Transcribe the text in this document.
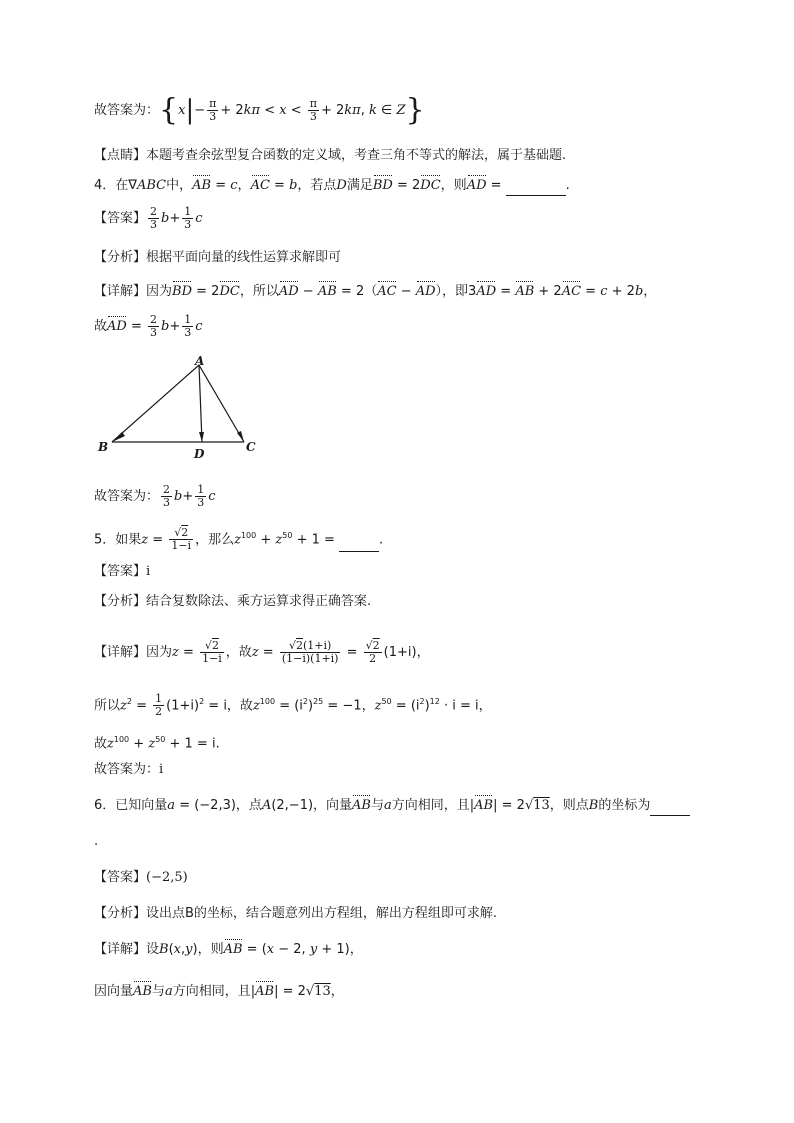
故答案为：{$x|- \frac{\pi}{3} + 2k\pi < x < \frac{\pi}{3} + 2k\pi$, k ∈ Z}
【点睛】本题考查余弦型复合函数的定义域，考查三角不等式的解法，属于基础题.
4．在∇ABC中，AB = c，AC = b，若点D满足BD = 2DC，则AD =	.
【答案】 $\frac{2}{3} b+ \frac{1}{3}$ c
【分析】根据平面向量的线性运算求解即可
【详解】因为BD = 2DC，所以AD − AB = 2（AC − AD），即3AD = AB + 2AC = c + 2b，
故AD = $\frac{2}{3} b+ \frac{1}{3}$ c
A
B	C
D
故答案为： $\frac{2}{3} b+ \frac{1}{3}$ c
5．如果$z = \frac{√2}{1-i}$ ，那么$z^{100} + z^{50} + 1$ =	.
【答案】i
【分析】结合复数除法、乘方运算求得正确答案.
【详解】因为$z = \frac{√2}{1-i}$ ，故$z = \frac{√2(1+i)}{(1-i)(1+i)} = \frac{√2}{2} (1+i)$，
所以$z^2 = \frac{1}{2} (1+i)^2 = i$，故$z^{100} = (i^2)^{25} = -1$，$z^{50} = (i^2)^{12} \cdot i = i$，
故$z^{100} + z^{50} + 1 = i$.
故答案为：i
6．已知向量a = (−2,3)，点A(2,−1)，向量AB与a方向相同，且|AB| = 2√13，则点B的坐标为
.
【答案】(−2,5)
【分析】设出点B的坐标，结合题意列出方程组，解出方程组即可求解.
【详解】设B(x,y)，则AB = (x − 2, y + 1)，
因向量AB与a方向相同，且|AB| = 2√13，
